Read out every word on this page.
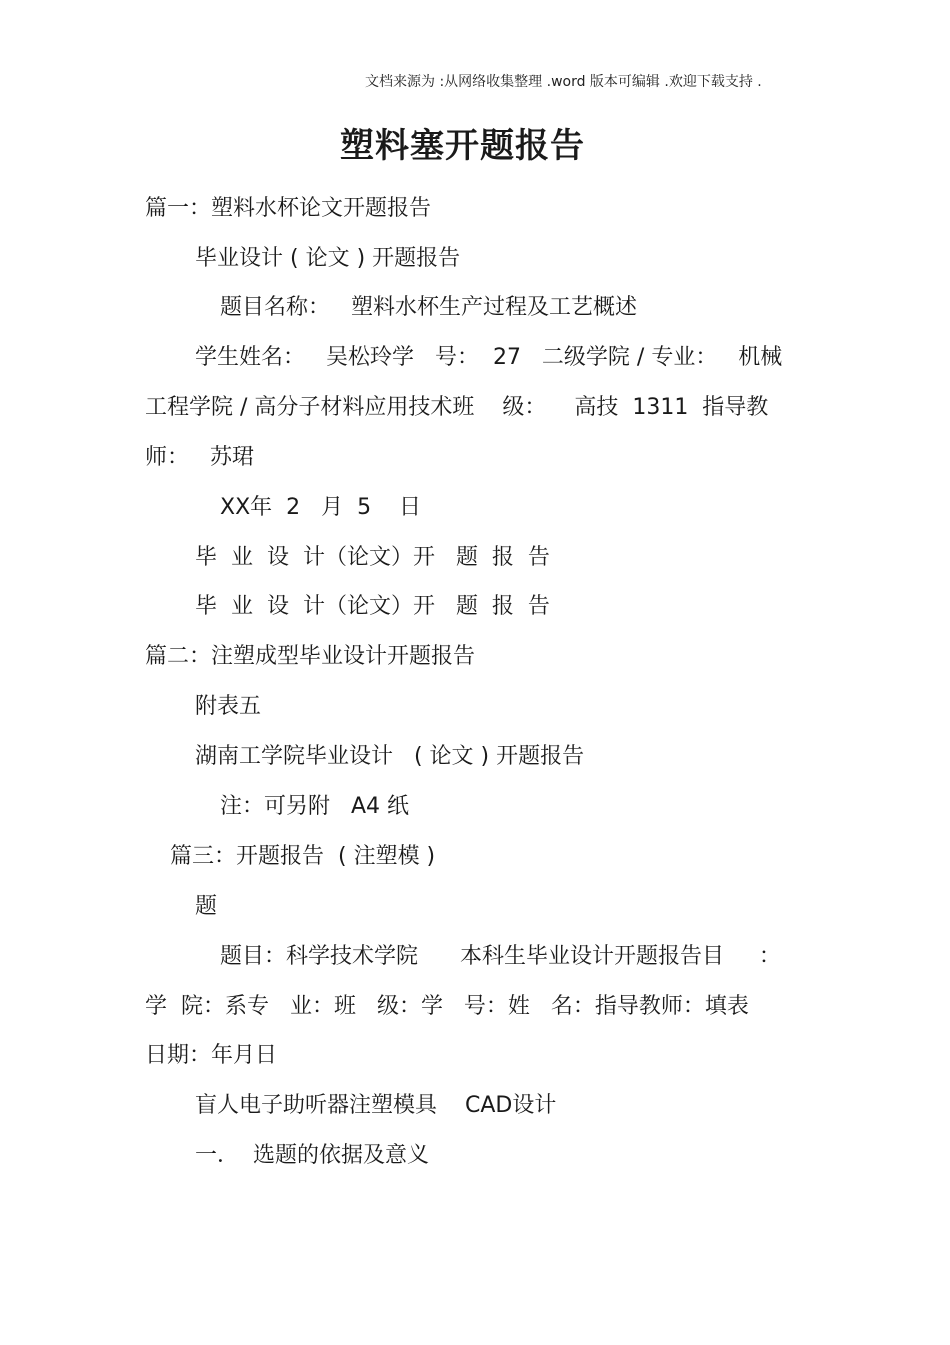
文档来源为 :从网络收集整理 .word 版本可编辑 .欢迎下载支持 .
塑料塞开题报告
篇一：塑料水杯论文开题报告
毕业设计 ( 论文 ) 开题报告
题目名称：   塑料水杯生产过程及工艺概述
学生姓名：   吴松玲学   号：  27   二级学院 / 专业：   机械
工程学院 / 高分子材料应用技术班    级：    高技  1311  指导教
师：   苏珺
XX年  2   月  5    日
毕  业  设  计（论文）开   题  报  告
毕  业  设  计（论文）开   题  报  告
篇二：注塑成型毕业设计开题报告
附表五
湖南工学院毕业设计   ( 论文 ) 开题报告
注：可另附   A4 纸
篇三：开题报告  ( 注塑模 )
题
题目：科学技术学院      本科生毕业设计开题报告目     ：
学  院：系专   业：班   级：学   号：姓   名：指导教师：填表
日期：年月日
盲人电子助听器注塑模具    CAD设计
一．  选题的依据及意义
